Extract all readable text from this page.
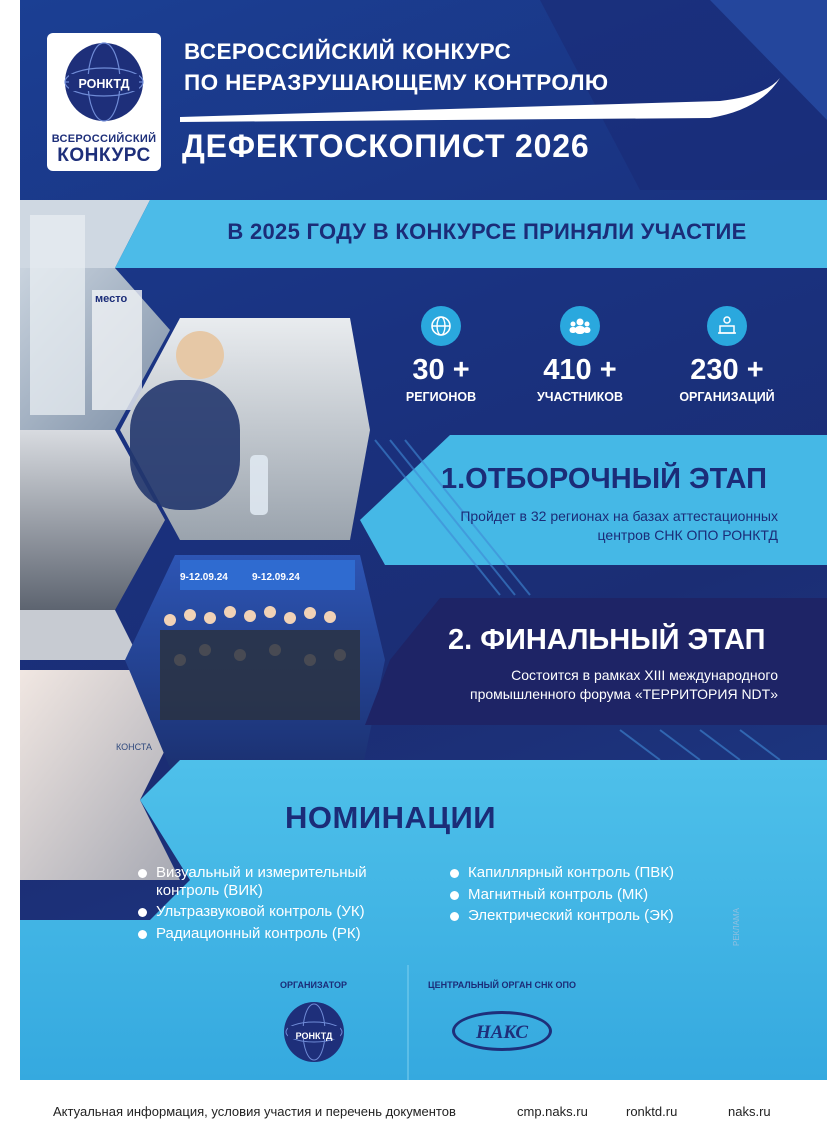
РОНКТД
ВСЕРОССИЙСКИЙ
КОНКУРС
ВСЕРОССИЙСКИЙ КОНКУРС
ПО НЕРАЗРУШАЮЩЕМУ КОНТРОЛЮ
ДЕФЕКТОСКОПИСТ 2026
В 2025 ГОДУ В КОНКУРСЕ ПРИНЯЛИ УЧАСТИЕ
место
9-12.09.24 9-12.09.24
КОНСТА
30 +
РЕГИОНОВ
410 +
УЧАСТНИКОВ
230 +
ОРГАНИЗАЦИЙ
1.ОТБОРОЧНЫЙ ЭТАП
Пройдет в 32 регионах на базах аттестационных
центров СНК ОПО РОНКТД
2. ФИНАЛЬНЫЙ ЭТАП
Состоится в рамках XIII международного
промышленного форума «ТЕРРИТОРИЯ NDT»
НОМИНАЦИИ
Визуальный и измерительный
контроль (ВИК)
Ультразвуковой контроль (УК)
Радиационный контроль (РК)
Капиллярный контроль (ПВК)
Магнитный контроль (МК)
Электрический контроль (ЭК)
ОРГАНИЗАТОР
РОНКТД
ЦЕНТРАЛЬНЫЙ ОРГАН СНК ОПО
НАКС
РЕКЛАМА
Актуальная информация, условия участия и перечень документов	cmp.naks.ru	ronktd.ru	naks.ru
